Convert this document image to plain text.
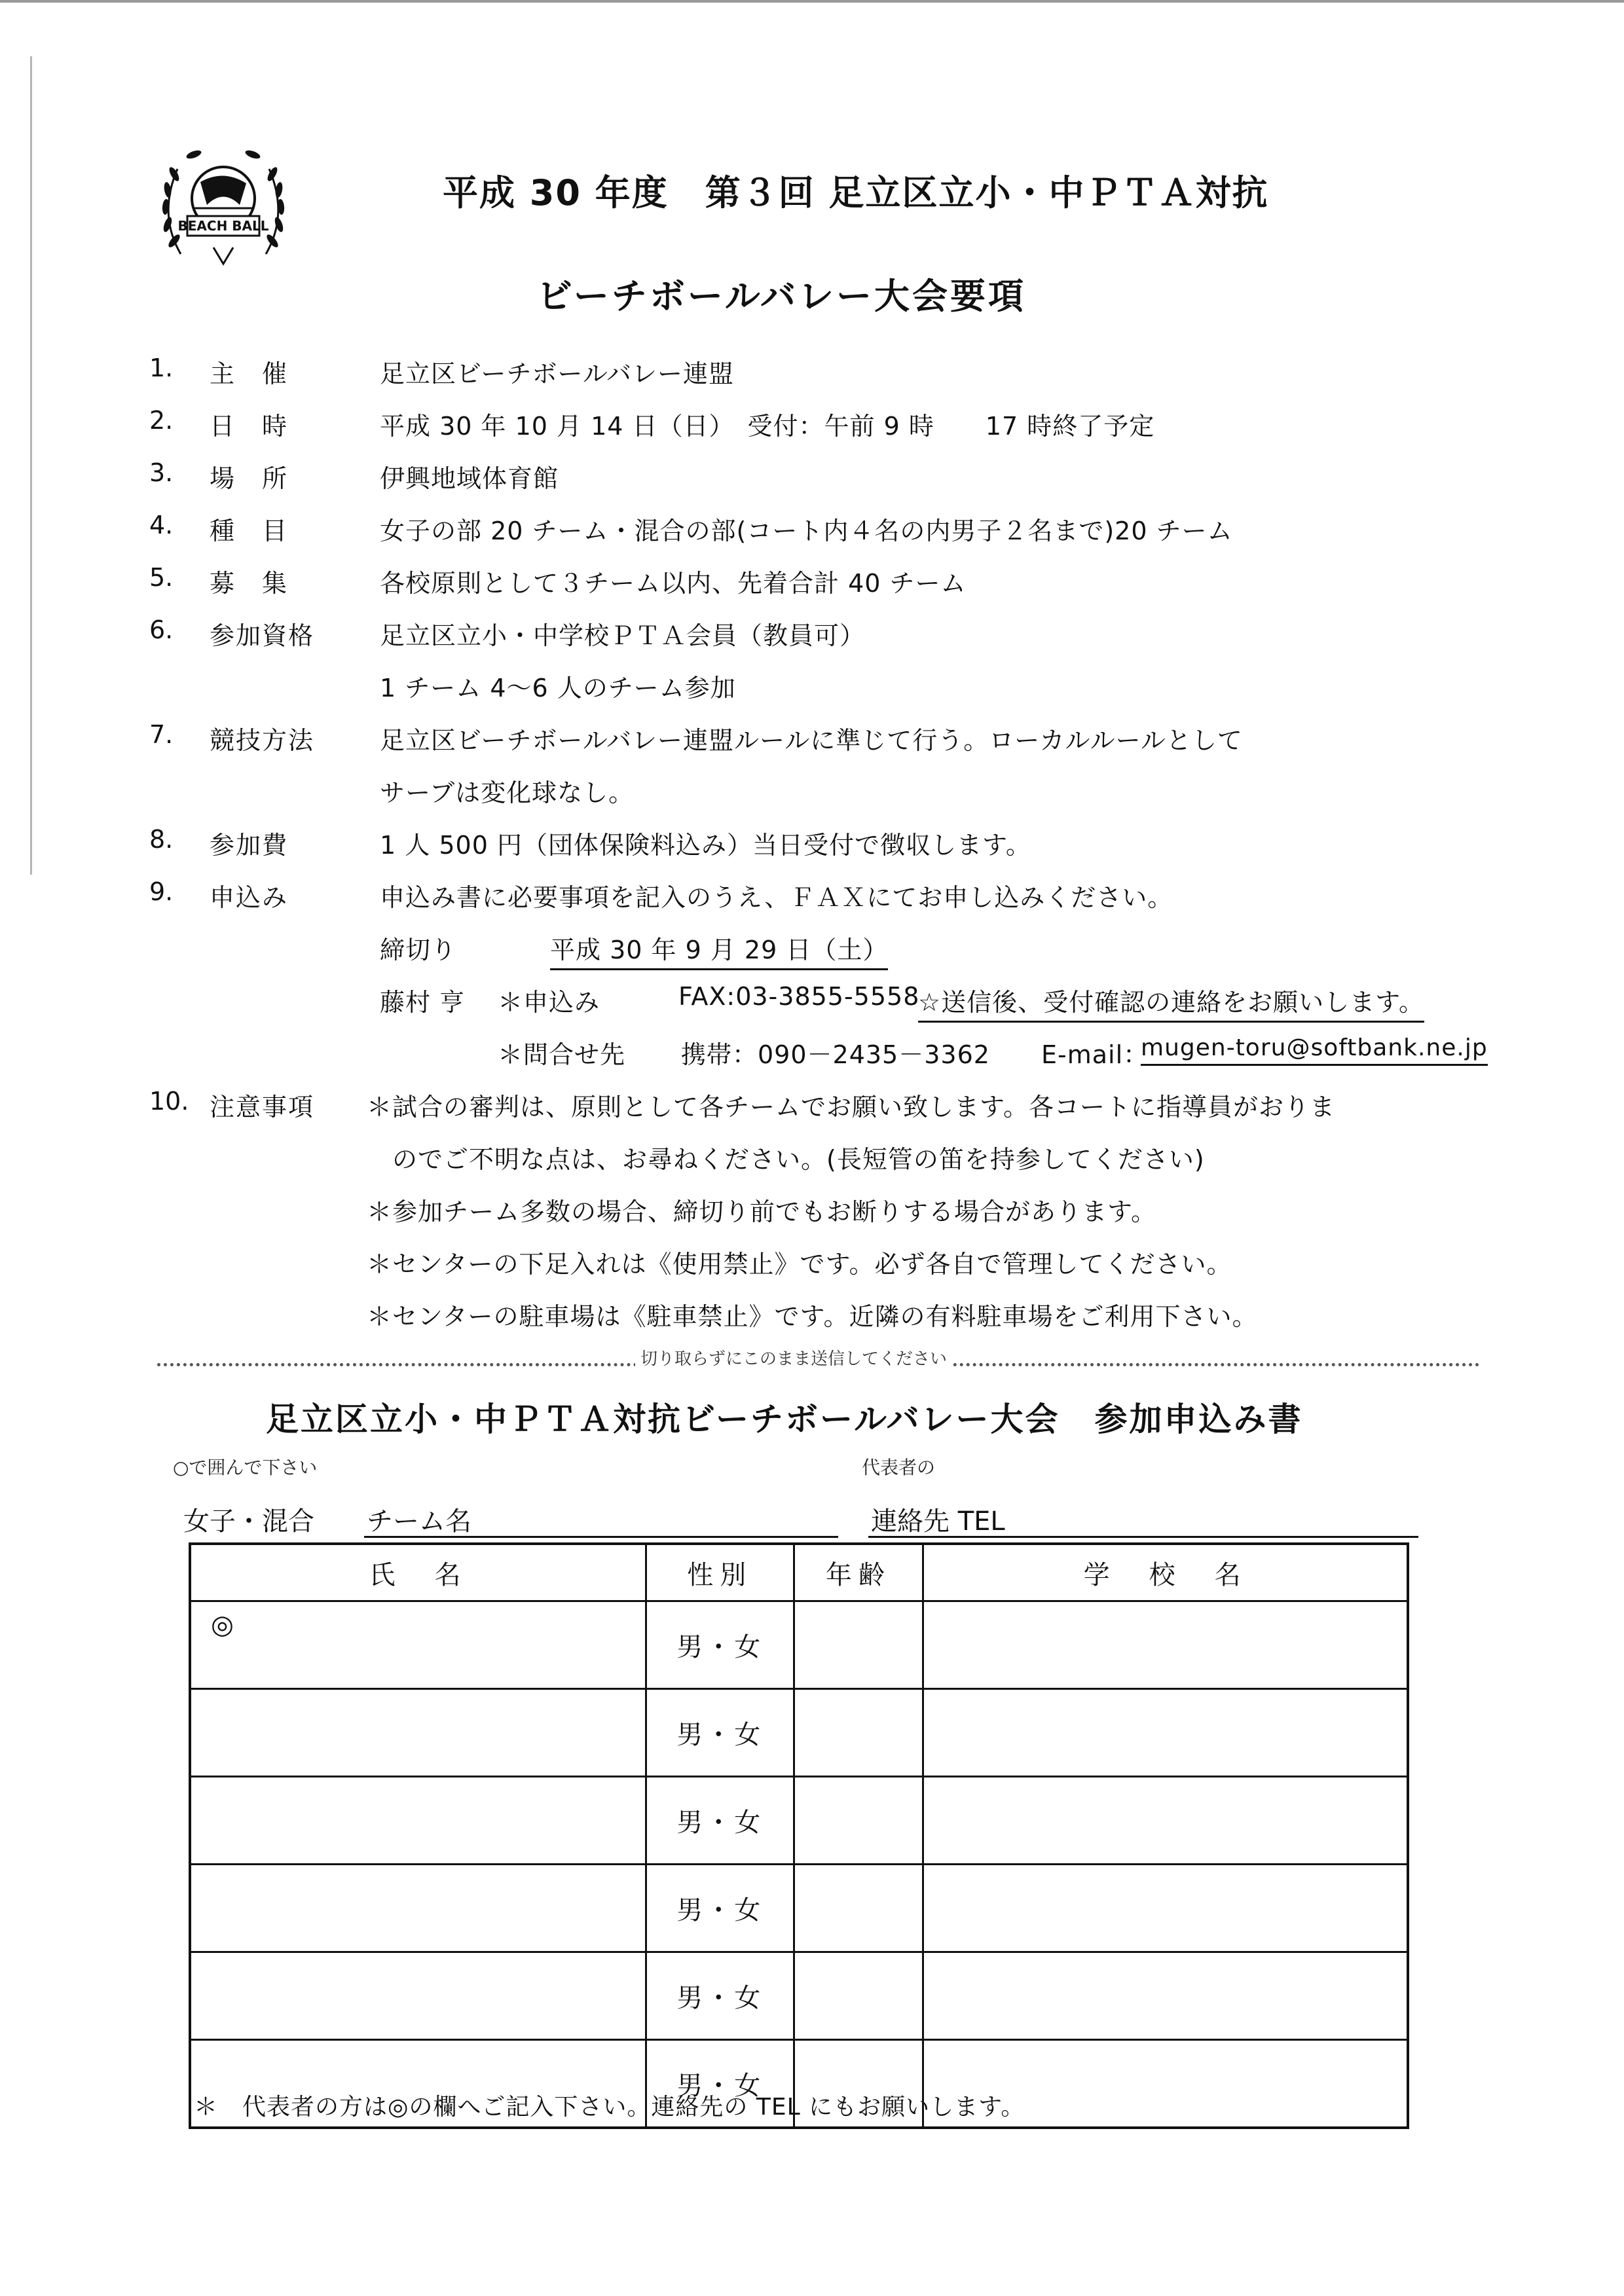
BEACH BALL
平成 30 年度　第３回 足立区立小・中ＰＴＡ対抗
ビーチボールバレー大会要項
1. 主　催	足立区ビーチボールバレー連盟
2. 日　時	平成 30 年 10 月 14 日（日）　受付：午前 9 時　　17 時終了予定
3. 場　所	伊興地域体育館
4. 種　目	女子の部 20 チーム・混合の部(コート内４名の内男子２名まで)20 チーム
5. 募　集	各校原則として３チーム以内、先着合計 40 チーム
6. 参加資格	足立区立小・中学校ＰＴＡ会員（教員可）
1 チーム 4～6 人のチーム参加
7. 競技方法	足立区ビーチボールバレー連盟ルールに準じて行う。ローカルルールとして
サーブは変化球なし。
8. 参加費	1 人 500 円（団体保険料込み）当日受付で徴収します。
9. 申込み	申込み書に必要事項を記入のうえ、ＦＡＸにてお申し込みください。
締切り	平成 30 年 9 月 29 日（土）
藤村 亨 ＊申込み	FAX:03-3855-5558
☆送信後、受付確認の連絡をお願いします。
＊問合せ先 携帯：090－2435－3362 E-mail：
mugen-toru@softbank.ne.jp
10. 注意事項 ＊試合の審判は、原則として各チームでお願い致します。各コートに指導員がおりま
　のでご不明な点は、お尋ねください。(長短管の笛を持参してください)
＊参加チーム多数の場合、締切り前でもお断りする場合があります。
＊センターの下足入れは《使用禁止》です。必ず各自で管理してください。
＊センターの駐車場は《駐車禁止》です。近隣の有料駐車場をご利用下さい。
切り取らずにこのまま送信してください
足立区立小・中ＰＴＡ対抗ビーチボールバレー大会　参加申込み書
○で囲んで下さい	代表者の
女子・混合 チーム名	連絡先 TEL
氏　名	性別	年齢	学　校　名
◎	男・女		
	男・女		
	男・女		
	男・女		
	男・女		
	男・女		
＊　代表者の方は◎の欄へご記入下さい。連絡先の TEL にもお願いします。
